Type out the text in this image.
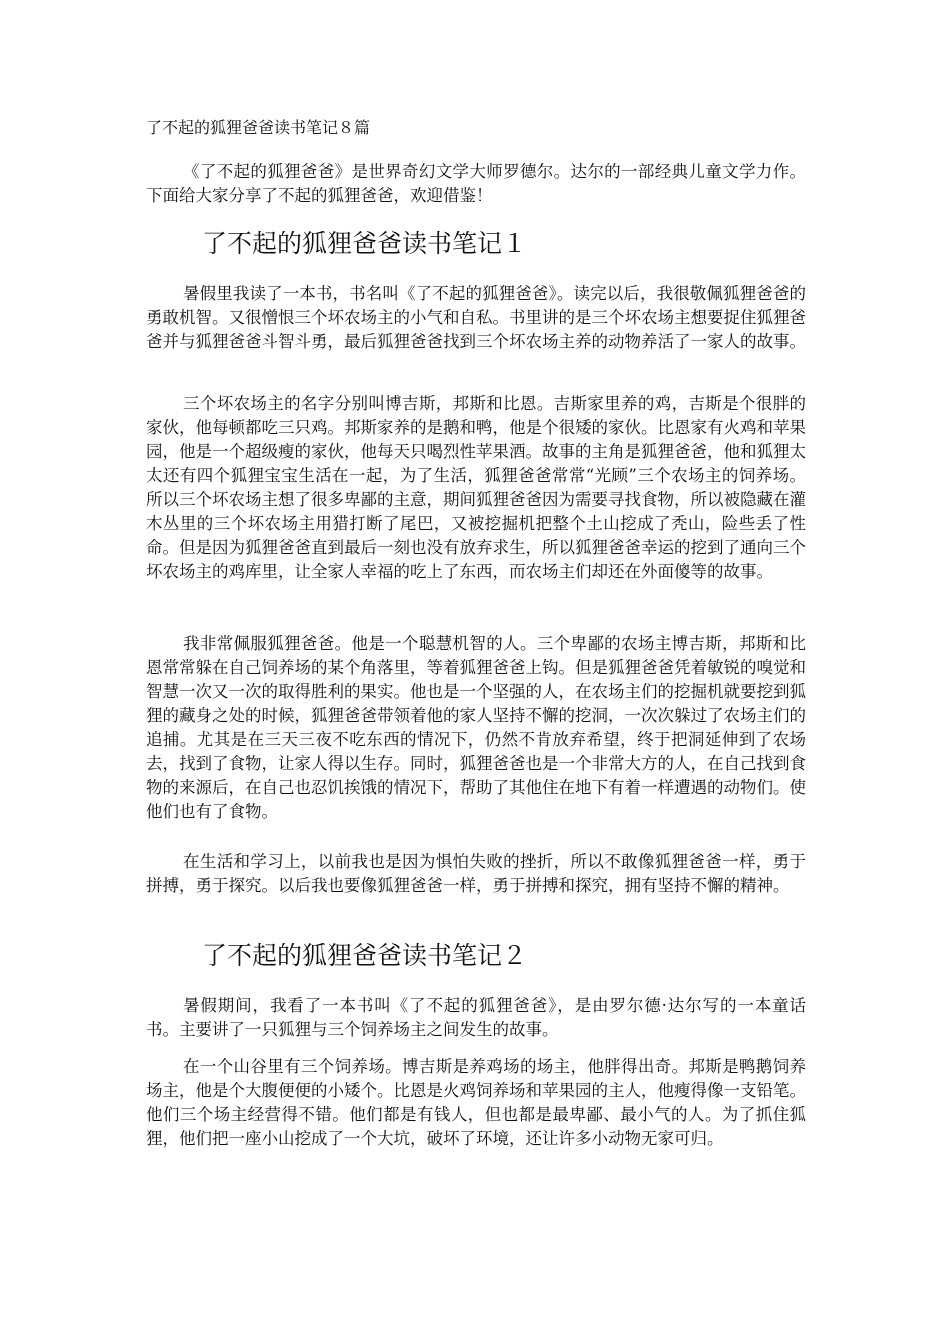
了不起的狐狸爸爸读书笔记８篇

《了不起的狐狸爸爸》是世界奇幻文学大师罗德尔。达尔的一部经典儿童文学力作。下面给大家分享了不起的狐狸爸爸，欢迎借鉴！

了不起的狐狸爸爸读书笔记１

暑假里我读了一本书，书名叫《了不起的狐狸爸爸》。读完以后，我很敬佩狐狸爸爸的勇敢机智。又很憎恨三个坏农场主的小气和自私。书里讲的是三个坏农场主想要捉住狐狸爸爸并与狐狸爸爸斗智斗勇，最后狐狸爸爸找到三个坏农场主养的动物养活了一家人的故事。

三个坏农场主的名字分别叫博吉斯，邦斯和比恩。吉斯家里养的鸡，吉斯是个很胖的家伙，他每顿都吃三只鸡。邦斯家养的是鹅和鸭，他是个很矮的家伙。比恩家有火鸡和苹果园，他是一个超级瘦的家伙，他每天只喝烈性苹果酒。故事的主角是狐狸爸爸，他和狐狸太太还有四个狐狸宝宝生活在一起，为了生活，狐狸爸爸常常“光顾”三个农场主的饲养场。所以三个坏农场主想了很多卑鄙的主意，期间狐狸爸爸因为需要寻找食物，所以被隐藏在灌木丛里的三个坏农场主用猎打断了尾巴，又被挖掘机把整个土山挖成了秃山，险些丢了性命。但是因为狐狸爸爸直到最后一刻也没有放弃求生，所以狐狸爸爸幸运的挖到了通向三个坏农场主的鸡库里，让全家人幸福的吃上了东西，而农场主们却还在外面傻等的故事。

我非常佩服狐狸爸爸。他是一个聪慧机智的人。三个卑鄙的农场主博吉斯，邦斯和比恩常常躲在自己饲养场的某个角落里，等着狐狸爸爸上钩。但是狐狸爸爸凭着敏锐的嗅觉和智慧一次又一次的取得胜利的果实。他也是一个坚强的人，在农场主们的挖掘机就要挖到狐狸的藏身之处的时候，狐狸爸爸带领着他的家人坚持不懈的挖洞，一次次躲过了农场主们的追捕。尤其是在三天三夜不吃东西的情况下，仍然不肯放弃希望，终于把洞延伸到了农场去，找到了食物，让家人得以生存。同时，狐狸爸爸也是一个非常大方的人，在自己找到食物的来源后，在自己也忍饥挨饿的情况下，帮助了其他住在地下有着一样遭遇的动物们。使他们也有了食物。

在生活和学习上，以前我也是因为惧怕失败的挫折，所以不敢像狐狸爸爸一样，勇于拼搏，勇于探究。以后我也要像狐狸爸爸一样，勇于拼搏和探究，拥有坚持不懈的精神。

了不起的狐狸爸爸读书笔记２

暑假期间，我看了一本书叫《了不起的狐狸爸爸》，是由罗尔德·达尔写的一本童话书。主要讲了一只狐狸与三个饲养场主之间发生的故事。

在一个山谷里有三个饲养场。博吉斯是养鸡场的场主，他胖得出奇。邦斯是鸭鹅饲养场主，他是个大腹便便的小矮个。比恩是火鸡饲养场和苹果园的主人，他瘦得像一支铅笔。他们三个场主经营得不错。他们都是有钱人，但也都是最卑鄙、最小气的人。为了抓住狐狸，他们把一座小山挖成了一个大坑，破坏了环境，还让许多小动物无家可归。
